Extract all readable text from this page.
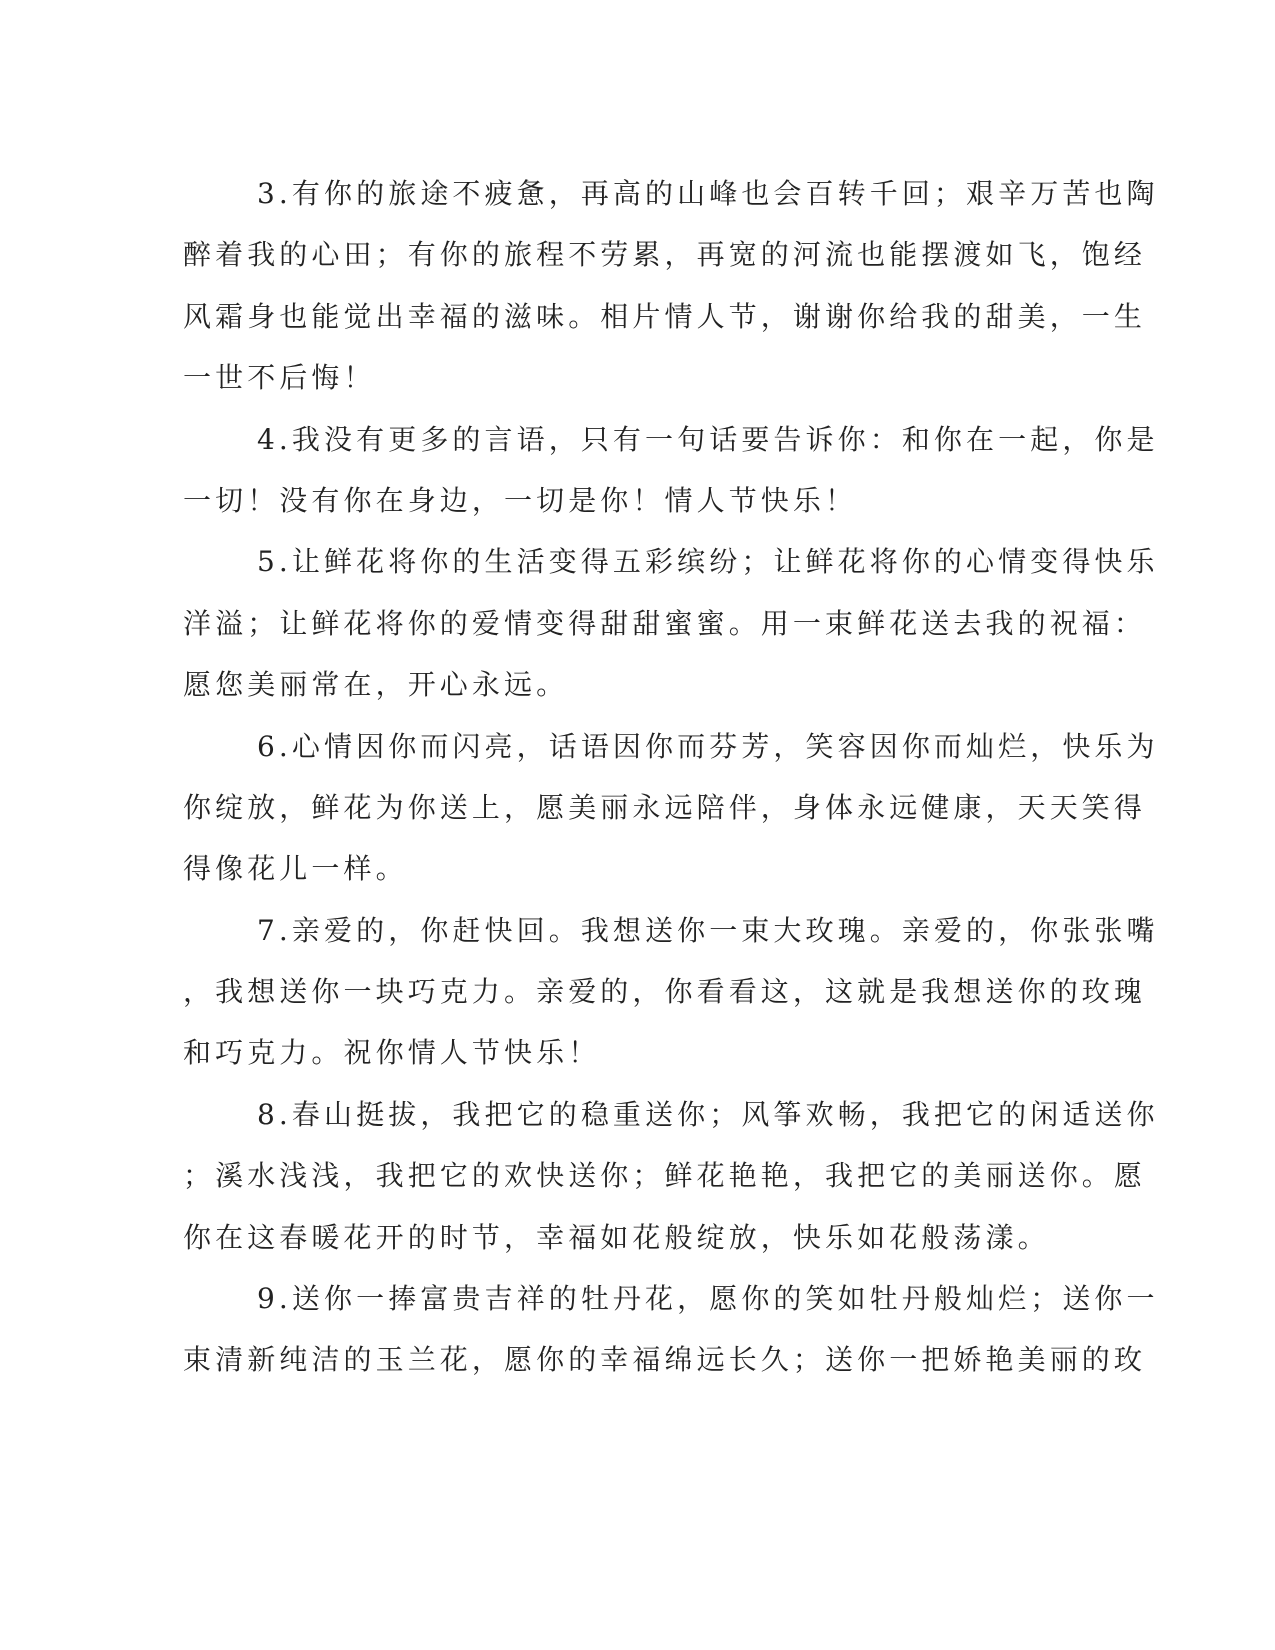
3.有你的旅途不疲惫，再高的山峰也会百转千回；艰辛万苦也陶
醉着我的心田；有你的旅程不劳累，再宽的河流也能摆渡如飞，饱经
风霜身也能觉出幸福的滋味。相片情人节，谢谢你给我的甜美，一生
一世不后悔！
4.我没有更多的言语，只有一句话要告诉你：和你在一起，你是
一切！没有你在身边，一切是你！情人节快乐！
5.让鲜花将你的生活变得五彩缤纷；让鲜花将你的心情变得快乐
洋溢；让鲜花将你的爱情变得甜甜蜜蜜。用一束鲜花送去我的祝福：
愿您美丽常在，开心永远。
6.心情因你而闪亮，话语因你而芬芳，笑容因你而灿烂，快乐为
你绽放，鲜花为你送上，愿美丽永远陪伴，身体永远健康，天天笑得
得像花儿一样。
7.亲爱的，你赶快回。我想送你一束大玫瑰。亲爱的，你张张嘴
，我想送你一块巧克力。亲爱的，你看看这，这就是我想送你的玫瑰
和巧克力。祝你情人节快乐！
8.春山挺拔，我把它的稳重送你；风筝欢畅，我把它的闲适送你
；溪水浅浅，我把它的欢快送你；鲜花艳艳，我把它的美丽送你。愿
你在这春暖花开的时节，幸福如花般绽放，快乐如花般荡漾。
9.送你一捧富贵吉祥的牡丹花，愿你的笑如牡丹般灿烂；送你一
束清新纯洁的玉兰花，愿你的幸福绵远长久；送你一把娇艳美丽的玫
